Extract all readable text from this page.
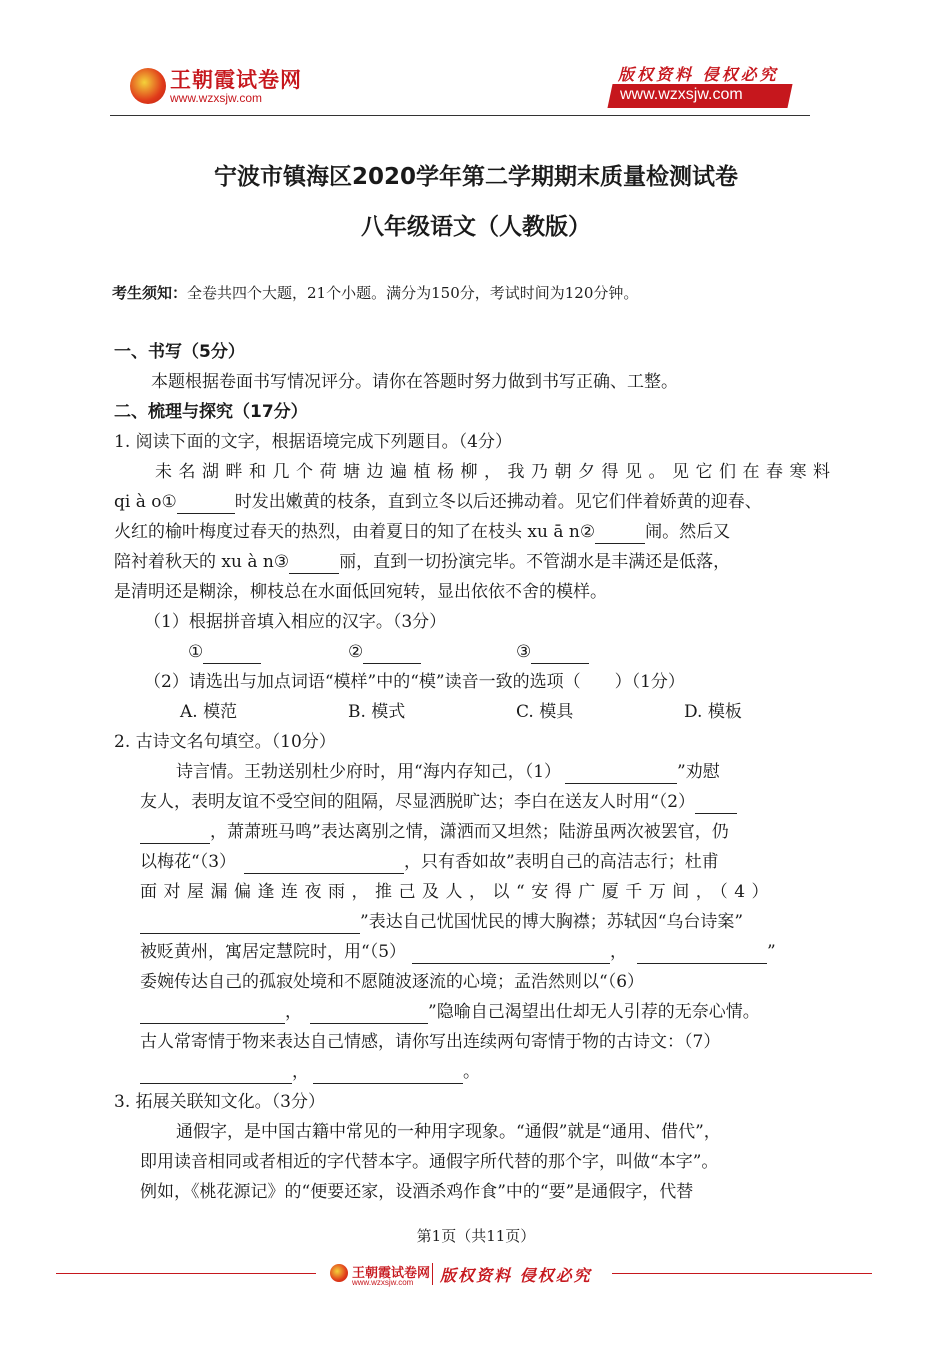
王朝霞试卷网
www.wzxsjw.com
版权资料 侵权必究
www.wzxsjw.com
宁波市镇海区2020学年第二学期期末质量检测试卷
八年级语文（人教版）
考生须知：全卷共四个大题，21个小题。满分为150分，考试时间为120分钟。
一、书写（5分）
本题根据卷面书写情况评分。请你在答题时努力做到书写正确、工整。
二、梳理与探究（17分）
1. 阅读下面的文字，根据语境完成下列题目。（4分）
未名湖畔和几个荷塘边遍植杨柳，我乃朝夕得见。见它们在春寒料
qi à o①	时发出嫩黄的枝条，直到立冬以后还拂动着。见它们伴着娇黄的迎春、
火红的榆叶梅度过春天的热烈，由着夏日的知了在枝头 xu ā n②	闹。然后又
陪衬着秋天的 xu à n③	丽，直到一切扮演完毕。不管湖水是丰满还是低落，
是清明还是糊涂，柳枝总在水面低回宛转，显出依依不舍的模样。
（1）根据拼音填入相应的汉字。（3分）
①	②	③
（2）请选出与加点词语“模样”中的“模”读音一致的选项（　　）（1分）
A. 模范	B. 模式	C. 模具	D. 模板
2. 古诗文名句填空。（10分）
诗言情。王勃送别杜少府时，用“海内存知己，（1）	”劝慰
友人，表明友谊不受空间的阻隔，尽显洒脱旷达；李白在送友人时用“（2）
，萧萧班马鸣”表达离别之情，潇洒而又坦然；陆游虽两次被罢官，仍
以梅花“（3）	，只有香如故”表明自己的高洁志行；杜甫
面对屋漏偏逢连夜雨，推己及人，以“安得广厦千万间，（4）
”表达自己忧国忧民的博大胸襟；苏轼因“乌台诗案”
被贬黄州，寓居定慧院时，用“（5）	，	”
委婉传达自己的孤寂处境和不愿随波逐流的心境；孟浩然则以“（6）
，	”隐喻自己渴望出仕却无人引荐的无奈心情。
古人常寄情于物来表达自己情感，请你写出连续两句寄情于物的古诗文：（7）
，	。
3. 拓展关联知文化。（3分）
通假字，是中国古籍中常见的一种用字现象。“通假”就是“通用、借代”，
即用读音相同或者相近的字代替本字。通假字所代替的那个字，叫做“本字”。
例如，《桃花源记》的“便要还家，设酒杀鸡作食”中的“要”是通假字，代替
第1页（共11页）
王朝霞试卷网
www.wzxsjw.com 版权资料 侵权必究
